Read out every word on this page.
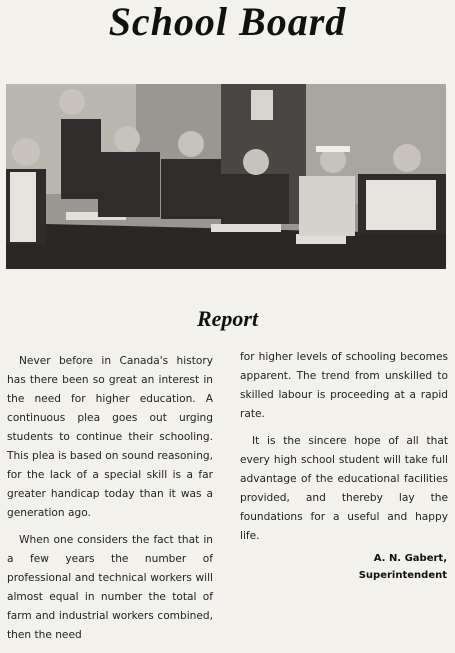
School Board
Report

Never before in Canada's history has there been so great an interest in the need for higher education. A continuous plea goes out urging students to continue their schooling. This plea is based on sound reasoning, for the lack of a special skill is a far greater handicap today than it was a generation ago.

When one considers the fact that in a few years the number of professional and technical workers will almost equal in number the total of farm and industrial workers combined, then the need

for higher levels of schooling becomes apparent. The trend from unskilled to skilled labour is proceeding at a rapid rate.

It is the sincere hope of all that every high school student will take full advantage of the educational facilities provided, and thereby lay the foundations for a useful and happy life.

A. N. Gabert,
Superintendent
